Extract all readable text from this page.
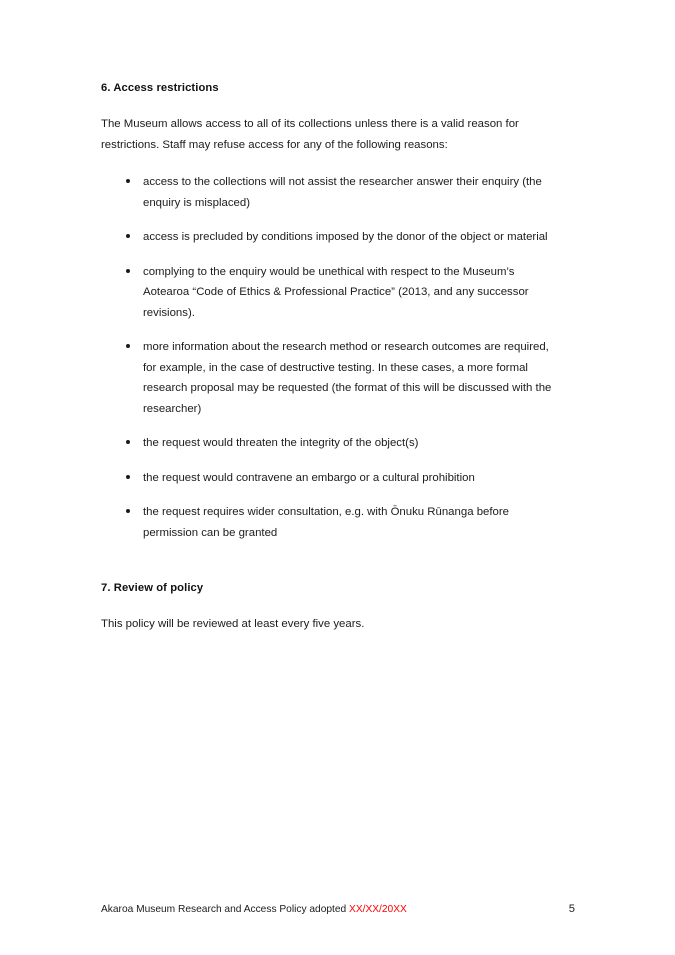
6. Access restrictions

The Museum allows access to all of its collections unless there is a valid reason for restrictions. Staff may refuse access for any of the following reasons:

access to the collections will not assist the researcher answer their enquiry (the enquiry is misplaced)
access is precluded by conditions imposed by the donor of the object or material
complying to the enquiry would be unethical with respect to the Museum’s Aotearoa “Code of Ethics & Professional Practice” (2013, and any successor revisions).
more information about the research method or research outcomes are required, for example, in the case of destructive testing. In these cases, a more formal research proposal may be requested (the format of this will be discussed with the researcher)
the request would threaten the integrity of the object(s)
the request would contravene an embargo or a cultural prohibition
the request requires wider consultation, e.g. with Ōnuku Rūnanga before permission can be granted
7. Review of policy

This policy will be reviewed at least every five years.

Akaroa Museum Research and Access Policy adopted XX/XX/20XX	5
